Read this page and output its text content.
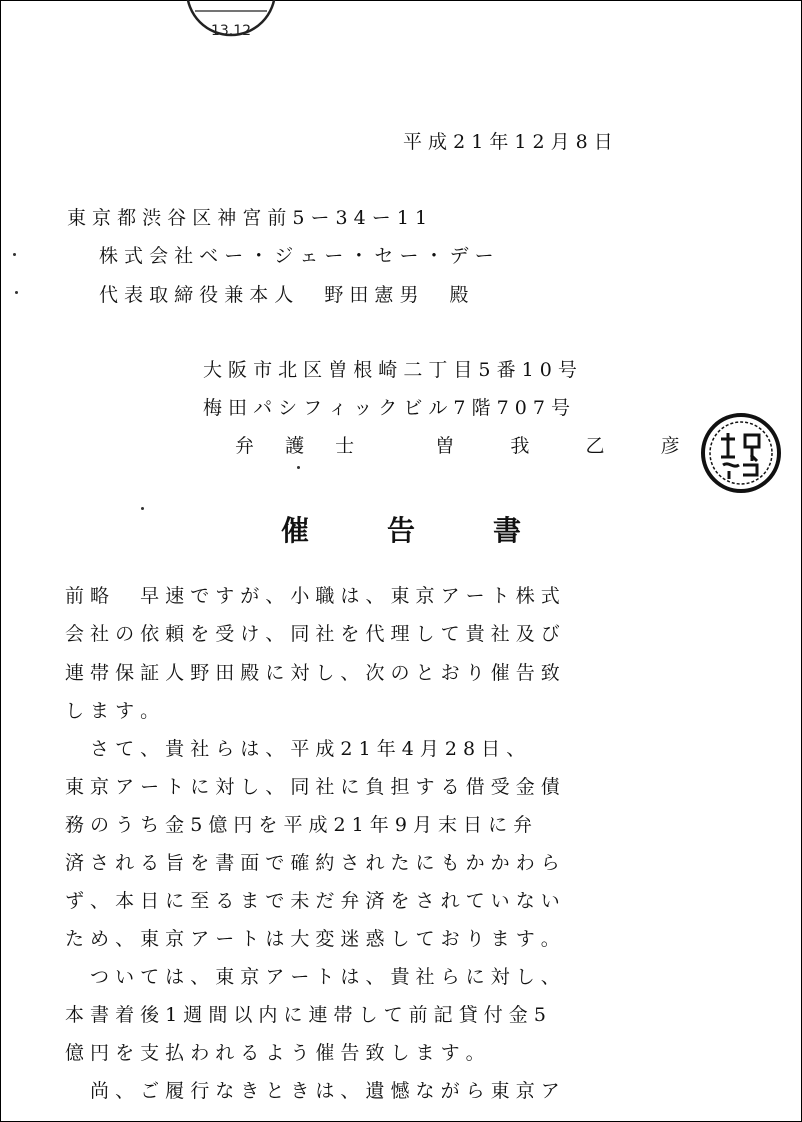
13.12
平 成 2 1 年 1 2 月 8 日
東 京 都 渋 谷 区 神 宮 前 5 ー 3 4 ー 1 1
株 式 会 社 ベ ー ・ ジ ェ ー ・ セ ー ・ デ ー
代 表 取 締 役 兼 本 人 　 野 田 憲 男 　 殿
大 阪 市 北 区 曽 根 崎 二 丁 目 5 番 1 0 号
梅 田 パ シ フ ィ ッ ク ビ ル 7 階 7 0 7 号
弁 　 護 　 士 　 　 　 曽 　 　 我 　 　 乙 　 　 彦
催告書
前 略 　 早 速 で す が 、 小 職 は 、 東 京 ア ー ト 株 式
会 社 の 依 頼 を 受 け 、 同 社 を 代 理 し て 貴 社 及 び
連 帯 保 証 人 野 田 殿 に 対 し 、 次 の と お り 催 告 致
し ま す 。
　 さ て 、 貴 社 ら は 、 平 成 2 1 年 4 月 2 8 日 、
東 京 ア ー ト に 対 し 、 同 社 に 負 担 す る 借 受 金 債
務 の う ち 金 5 億 円 を 平 成 2 1 年 9 月 末 日 に 弁
済 さ れ る 旨 を 書 面 で 確 約 さ れ た に も か か わ ら
ず 、 本 日 に 至 る ま で 未 だ 弁 済 を さ れ て い な い
た め 、 東 京 ア ー ト は 大 変 迷 惑 し て お り ま す 。
　 つ い て は 、 東 京 ア ー ト は 、 貴 社 ら に 対 し 、
本 書 着 後 1 週 間 以 内 に 連 帯 し て 前 記 貸 付 金 5
億 円 を 支 払 わ れ る よ う 催 告 致 し ま す 。
　 尚 、 ご 履 行 な き と き は 、 遺 憾 な が ら 東 京 ア
